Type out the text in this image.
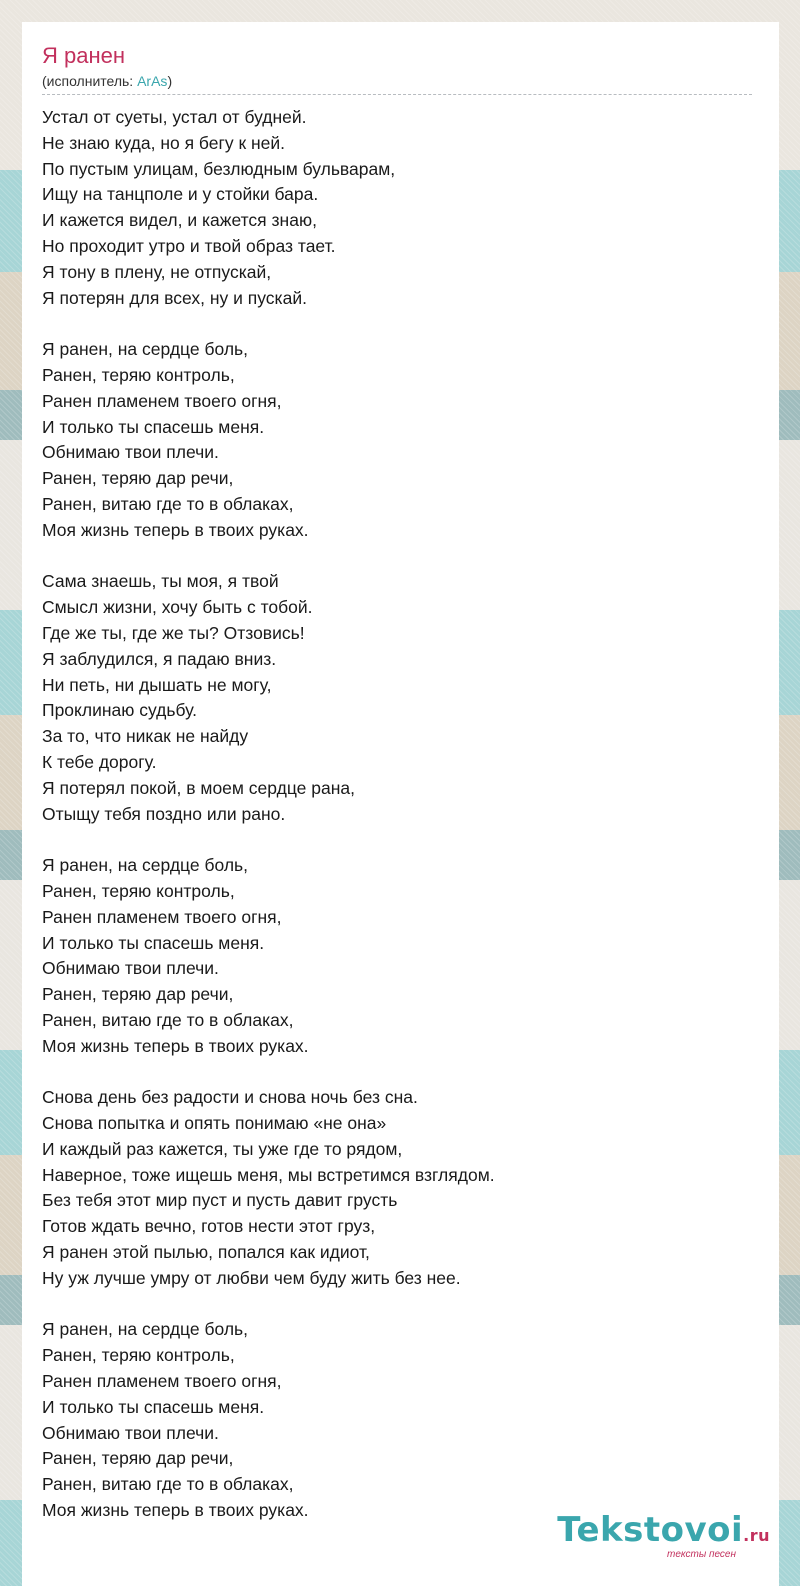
Я ранен
(исполнитель: ArAs)
Устал от суеты, устал от будней.
Не знаю куда, но я бегу к ней.
По пустым улицам, безлюдным бульварам,
Ищу на танцполе и у стойки бара.
И кажется видел, и кажется знаю,
Но проходит утро и твой образ тает.
Я тону в плену, не отпускай,
Я потерян для всех, ну и пускай.
Я ранен, на сердце боль,
Ранен, теряю контроль,
Ранен пламенем твоего огня,
И только ты спасешь меня.
Обнимаю твои плечи.
Ранен, теряю дар речи,
Ранен, витаю где то в облаках,
Моя жизнь теперь в твоих руках.
Сама знаешь, ты моя, я твой
Смысл жизни, хочу быть с тобой.
Где же ты, где же ты? Отзовись!
Я заблудился, я падаю вниз.
Ни петь, ни дышать не могу,
Проклинаю судьбу.
За то, что никак не найду
К тебе дорогу.
Я потерял покой, в моем сердце рана,
Отыщу тебя поздно или рано.
Я ранен, на сердце боль,
Ранен, теряю контроль,
Ранен пламенем твоего огня,
И только ты спасешь меня.
Обнимаю твои плечи.
Ранен, теряю дар речи,
Ранен, витаю где то в облаках,
Моя жизнь теперь в твоих руках.
Снова день без радости и снова ночь без сна.
Снова попытка и опять понимаю «не она»
И каждый раз кажется, ты уже где то рядом,
Наверное, тоже ищешь меня, мы встретимся взглядом.
Без тебя этот мир пуст и пусть давит грусть
Готов ждать вечно, готов нести этот груз,
Я ранен этой пылью, попался как идиот,
Ну уж лучше умру от любви чем буду жить без нее.
Я ранен, на сердце боль,
Ранен, теряю контроль,
Ранен пламенем твоего огня,
И только ты спасешь меня.
Обнимаю твои плечи.
Ранен, теряю дар речи,
Ранен, витаю где то в облаках,
Моя жизнь теперь в твоих руках.	Tekstovoi.ru
тексты песен
